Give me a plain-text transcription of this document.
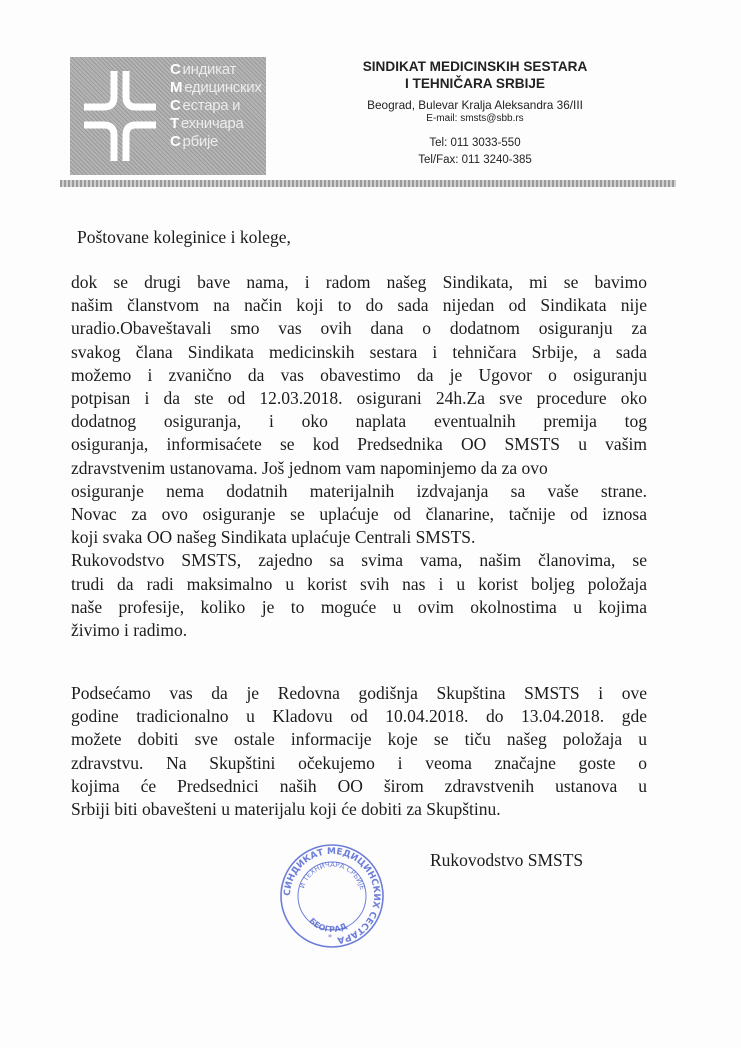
С индикат
М едицинских
С естара и
Т ехничара
С рбије
SINDIKAT MEDICINSKIH SESTARA
I TEHNIČARA SRBIJE
Beograd, Bulevar Kralja Aleksandra 36/III
E-mail: smsts@sbb.rs
Tel: 011 3033-550
Tel/Fax: 011 3240-385
Poštovane koleginice i kolege,
dok se drugi bave nama, i radom našeg Sindikata, mi se bavimo
našim članstvom na način koji to do sada nijedan od Sindikata nije
uradio.Obaveštavali smo vas ovih dana o dodatnom osiguranju za
svakog člana Sindikata medicinskih sestara i tehničara Srbije, a sada
možemo i zvanično da vas obavestimo da je Ugovor o osiguranju
potpisan i da ste od 12.03.2018. osigurani 24h.Za sve procedure oko
dodatnog osiguranja, i oko naplata eventualnih premija tog
osiguranja, informisaćete se kod Predsednika OO SMSTS u vašim
zdravstvenim ustanovama. Još jednom vam napominjemo da za ovo
osiguranje nema dodatnih materijalnih izdvajanja sa vaše strane.
Novac za ovo osiguranje se uplaćuje od članarine, tačnije od iznosa
koji svaka OO našeg Sindikata uplaćuje Centrali SMSTS.
Rukovodstvo SMSTS, zajedno sa svima vama, našim članovima, se
trudi da radi maksimalno u korist svih nas i u korist boljeg položaja
naše profesije, koliko je to moguće u ovim okolnostima u kojima
živimo i radimo.
Podsećamo vas da je Redovna godišnja Skupština SMSTS i ove
godine tradicionalno u Kladovu od 10.04.2018. do 13.04.2018. gde
možete dobiti sve ostale informacije koje se tiču našeg položaja u
zdravstvu. Na Skupštini očekujemo i veoma značajne goste o
kojima će Predsednici naših OO širom zdravstvenih ustanova u
Srbiji biti obavešteni u materijalu koji će dobiti za Skupštinu.
Rukovodstvo SMSTS
СИНДИКАТ МЕДИЦИНСКИХ СЕСТАРА
И ТЕХНИЧАРА СРБИЈЕ
БЕОГРАД
*
